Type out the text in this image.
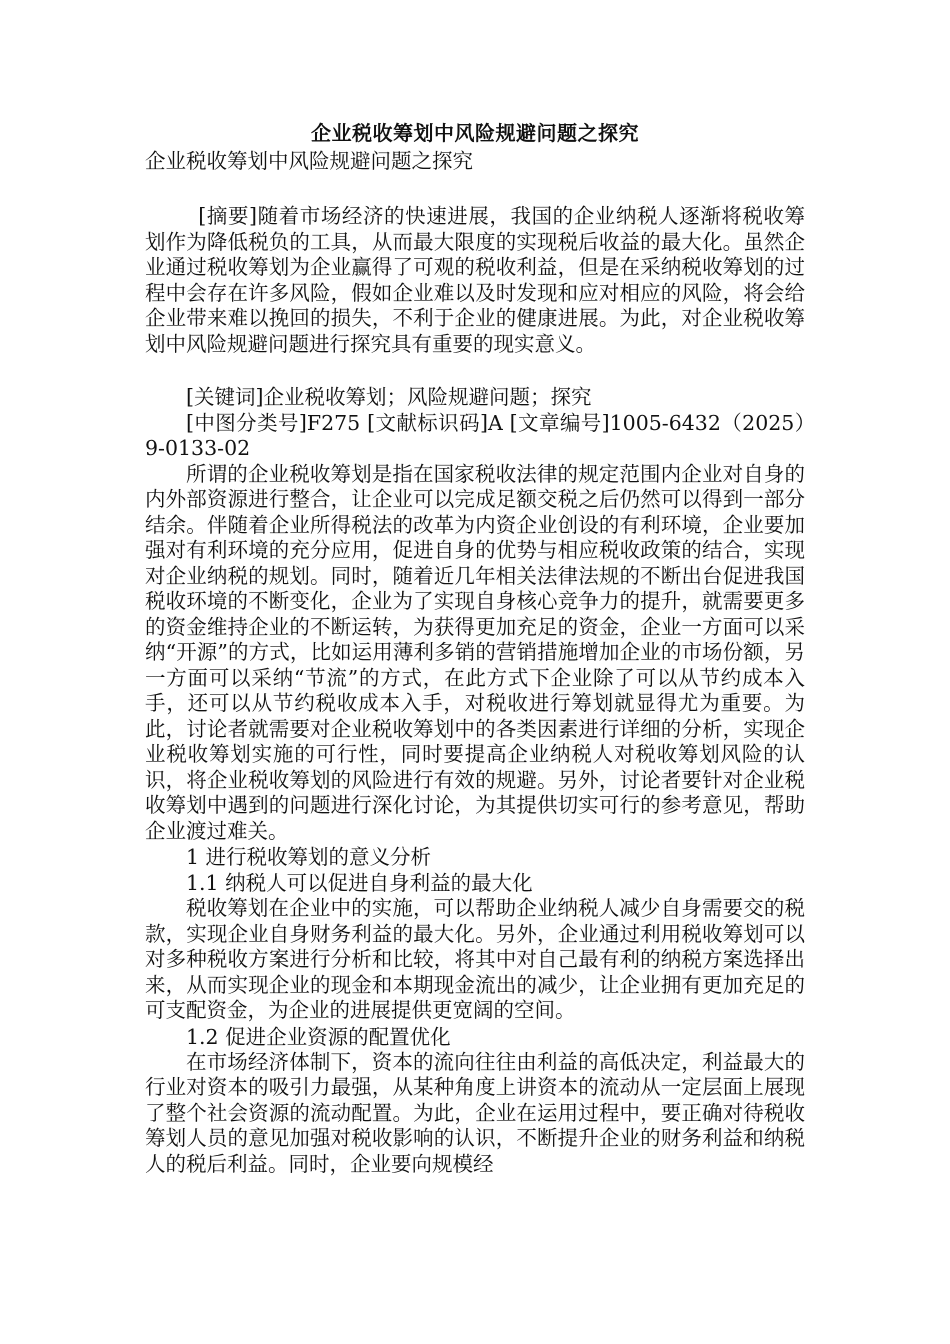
企业税收筹划中风险规避问题之探究
企业税收筹划中风险规避问题之探究

[摘要]随着市场经济的快速进展，我国的企业纳税人逐渐将税收筹划作为降低税负的工具，从而最大限度的实现税后收益的最大化。虽然企业通过税收筹划为企业赢得了可观的税收利益，但是在采纳税收筹划的过程中会存在许多风险，假如企业难以及时发现和应对相应的风险，将会给企业带来难以挽回的损失，不利于企业的健康进展。为此，对企业税收筹划中风险规避问题进行探究具有重要的现实意义。

[关键词]企业税收筹划；风险规避问题；探究

[中图分类号]F275 [文献标识码]A [文章编号]1005-6432（2025）9-0133-02

所谓的企业税收筹划是指在国家税收法律的规定范围内企业对自身的内外部资源进行整合，让企业可以完成足额交税之后仍然可以得到一部分结余。伴随着企业所得税法的改革为内资企业创设的有利环境，企业要加强对有利环境的充分应用，促进自身的优势与相应税收政策的结合，实现对企业纳税的规划。同时，随着近几年相关法律法规的不断出台促进我国税收环境的不断变化，企业为了实现自身核心竞争力的提升，就需要更多的资金维持企业的不断运转，为获得更加充足的资金，企业一方面可以采纳“开源”的方式，比如运用薄利多销的营销措施增加企业的市场份额，另一方面可以采纳“节流”的方式，在此方式下企业除了可以从节约成本入手，还可以从节约税收成本入手，对税收进行筹划就显得尤为重要。为此，讨论者就需要对企业税收筹划中的各类因素进行详细的分析，实现企业税收筹划实施的可行性，同时要提高企业纳税人对税收筹划风险的认识，将企业税收筹划的风险进行有效的规避。另外，讨论者要针对企业税收筹划中遇到的问题进行深化讨论，为其提供切实可行的参考意见，帮助企业渡过难关。

1 进行税收筹划的意义分析

1.1 纳税人可以促进自身利益的最大化

税收筹划在企业中的实施，可以帮助企业纳税人减少自身需要交的税款，实现企业自身财务利益的最大化。另外，企业通过利用税收筹划可以对多种税收方案进行分析和比较，将其中对自己最有利的纳税方案选择出来，从而实现企业的现金和本期现金流出的减少，让企业拥有更加充足的可支配资金，为企业的进展提供更宽阔的空间。

1.2 促进企业资源的配置优化

在市场经济体制下，资本的流向往往由利益的高低决定，利益最大的行业对资本的吸引力最强，从某种角度上讲资本的流动从一定层面上展现了整个社会资源的流动配置。为此，企业在运用过程中，要正确对待税收筹划人员的意见加强对税收影响的认识，不断提升企业的财务利益和纳税人的税后利益。同时，企业要向规模经
